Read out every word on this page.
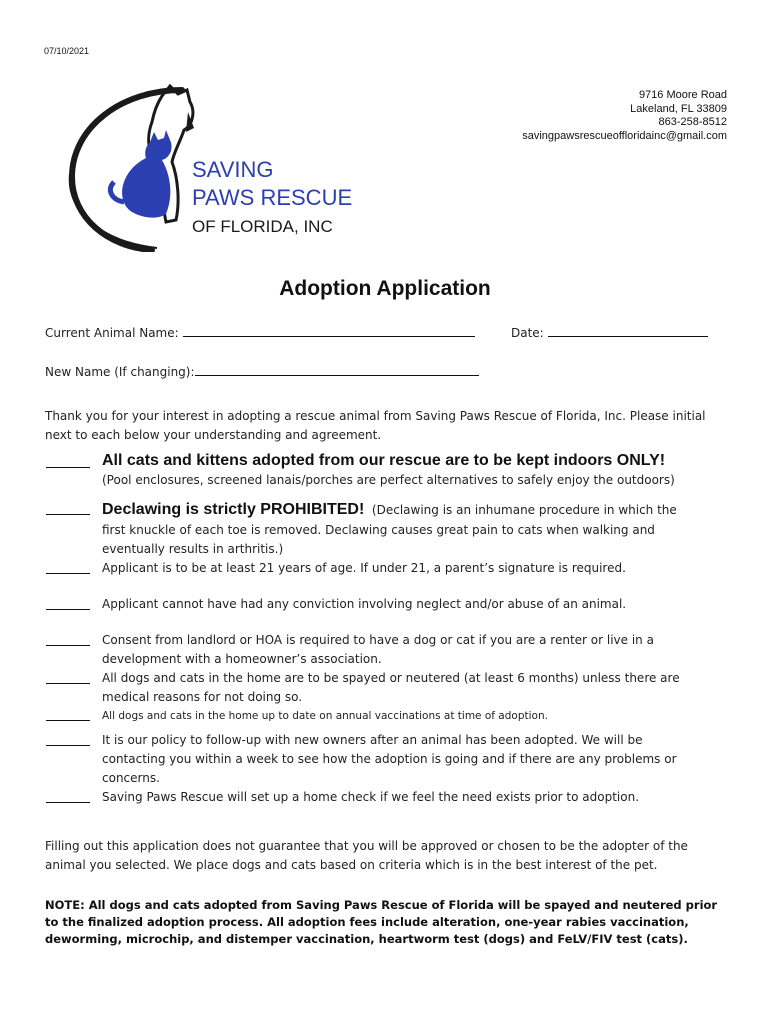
07/10/2021
SAVING
PAWS RESCUE
OF FLORIDA, INC
9716 Moore Road
Lakeland, FL 33809
863-258-8512
savingpawsrescueoffloridainc@gmail.com
Adoption Application
Current Animal Name:	Date:
New Name (If changing):
Thank you for your interest in adopting a rescue animal from Saving Paws Rescue of Florida, Inc. Please initial next to each below your understanding and agreement.
All cats and kittens adopted from our rescue are to be kept indoors ONLY!
(Pool enclosures, screened lanais/porches are perfect alternatives to safely enjoy the outdoors)
Declawing is strictly PROHIBITED! (Declawing is an inhumane procedure in which the first knuckle of each toe is removed. Declawing causes great pain to cats when walking and eventually results in arthritis.)
Applicant is to be at least 21 years of age. If under 21, a parent’s signature is required.
Applicant cannot have had any conviction involving neglect and/or abuse of an animal.
Consent from landlord or HOA is required to have a dog or cat if you are a renter or live in a development with a homeowner’s association.
All dogs and cats in the home are to be spayed or neutered (at least 6 months) unless there are medical reasons for not doing so.
All dogs and cats in the home up to date on annual vaccinations at time of adoption.
It is our policy to follow-up with new owners after an animal has been adopted. We will be contacting you within a week to see how the adoption is going and if there are any problems or concerns.
Saving Paws Rescue will set up a home check if we feel the need exists prior to adoption.
Filling out this application does not guarantee that you will be approved or chosen to be the adopter of the animal you selected. We place dogs and cats based on criteria which is in the best interest of the pet.
NOTE: All dogs and cats adopted from Saving Paws Rescue of Florida will be spayed and neutered prior to the finalized adoption process. All adoption fees include alteration, one-year rabies vaccination, deworming, microchip, and distemper vaccination, heartworm test (dogs) and FeLV/FIV test (cats).
